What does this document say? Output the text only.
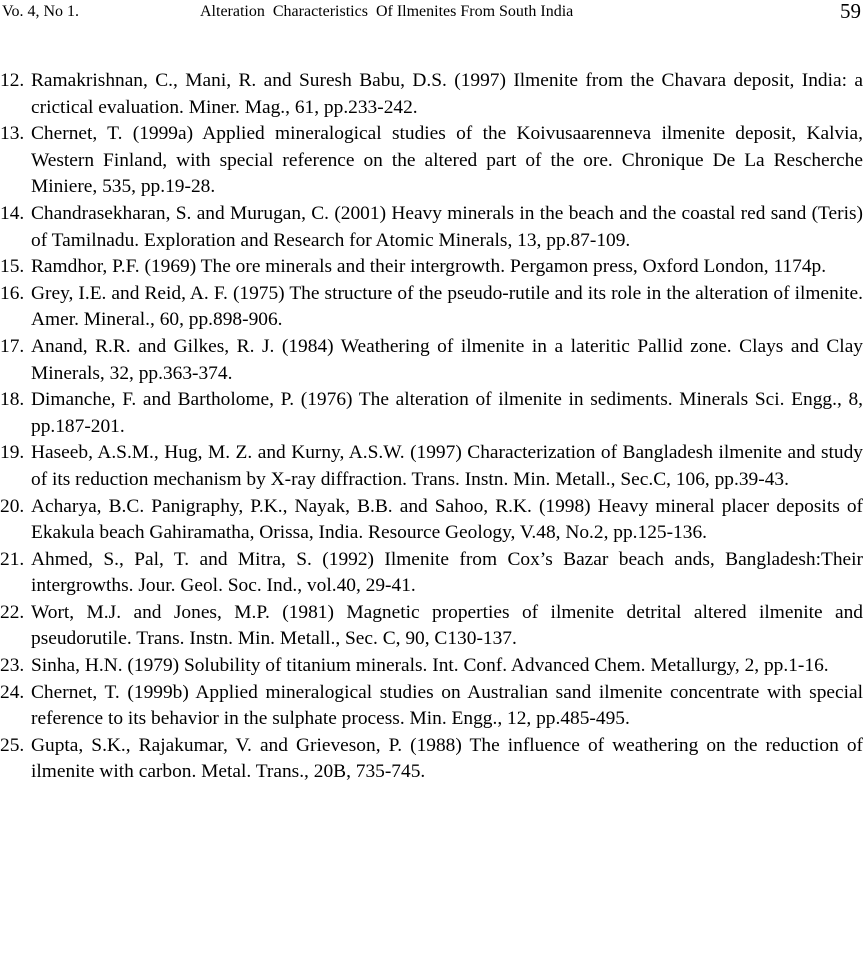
Vo. 4, No 1.	Alteration  Characteristics  Of Ilmenites From South India	59
12. Ramakrishnan, C., Mani, R. and Suresh Babu, D.S. (1997) Ilmenite from the Chavara deposit, India: a crictical evaluation. Miner. Mag., 61, pp.233-242.
13. Chernet, T. (1999a) Applied mineralogical studies of the Koivusaarenneva ilmenite deposit, Kalvia, Western Finland, with special reference on the altered part of the ore. Chronique De La Rescherche Miniere, 535, pp.19-28.
14. Chandrasekharan, S. and Murugan, C. (2001) Heavy minerals in the beach and the coastal red sand (Teris) of Tamilnadu. Exploration and Research for Atomic Minerals, 13, pp.87-109.
15. Ramdhor, P.F. (1969) The ore minerals and their intergrowth. Pergamon press, Oxford London, 1174p.
16. Grey, I.E. and Reid, A. F. (1975) The structure of the pseudo-rutile and its role in the alteration of ilmenite. Amer. Mineral., 60, pp.898-906.
17. Anand, R.R. and Gilkes, R. J. (1984) Weathering of ilmenite in a lateritic Pallid zone. Clays and Clay Minerals, 32, pp.363-374.
18. Dimanche, F. and Bartholome, P. (1976) The alteration of ilmenite in sediments. Minerals Sci. Engg., 8, pp.187-201.
19. Haseeb, A.S.M., Hug, M. Z. and Kurny, A.S.W. (1997) Characterization of Bangladesh ilmenite and study of its reduction mechanism by X-ray diffraction. Trans. Instn. Min. Metall., Sec.C, 106, pp.39-43.
20. Acharya, B.C. Panigraphy, P.K., Nayak, B.B. and Sahoo, R.K. (1998) Heavy mineral placer deposits of Ekakula beach Gahiramatha, Orissa, India. Resource Geology, V.48, No.2, pp.125-136.
21. Ahmed, S., Pal, T. and Mitra, S. (1992) Ilmenite from Cox’s Bazar beach ands, Bangladesh:Their intergrowths. Jour. Geol. Soc. Ind., vol.40, 29-41.
22. Wort, M.J. and Jones, M.P. (1981) Magnetic properties of ilmenite detrital altered ilmenite and pseudorutile. Trans. Instn. Min. Metall., Sec. C, 90, C130-137.
23. Sinha, H.N. (1979) Solubility of titanium minerals. Int. Conf. Advanced Chem. Metallurgy, 2, pp.1-16.
24. Chernet, T. (1999b) Applied mineralogical studies on Australian sand ilmenite concentrate with special reference to its behavior in the sulphate process. Min. Engg., 12, pp.485-495.
25. Gupta, S.K., Rajakumar, V. and Grieveson, P. (1988) The influence of weathering on the reduction of ilmenite with carbon. Metal. Trans., 20B, 735-745.
